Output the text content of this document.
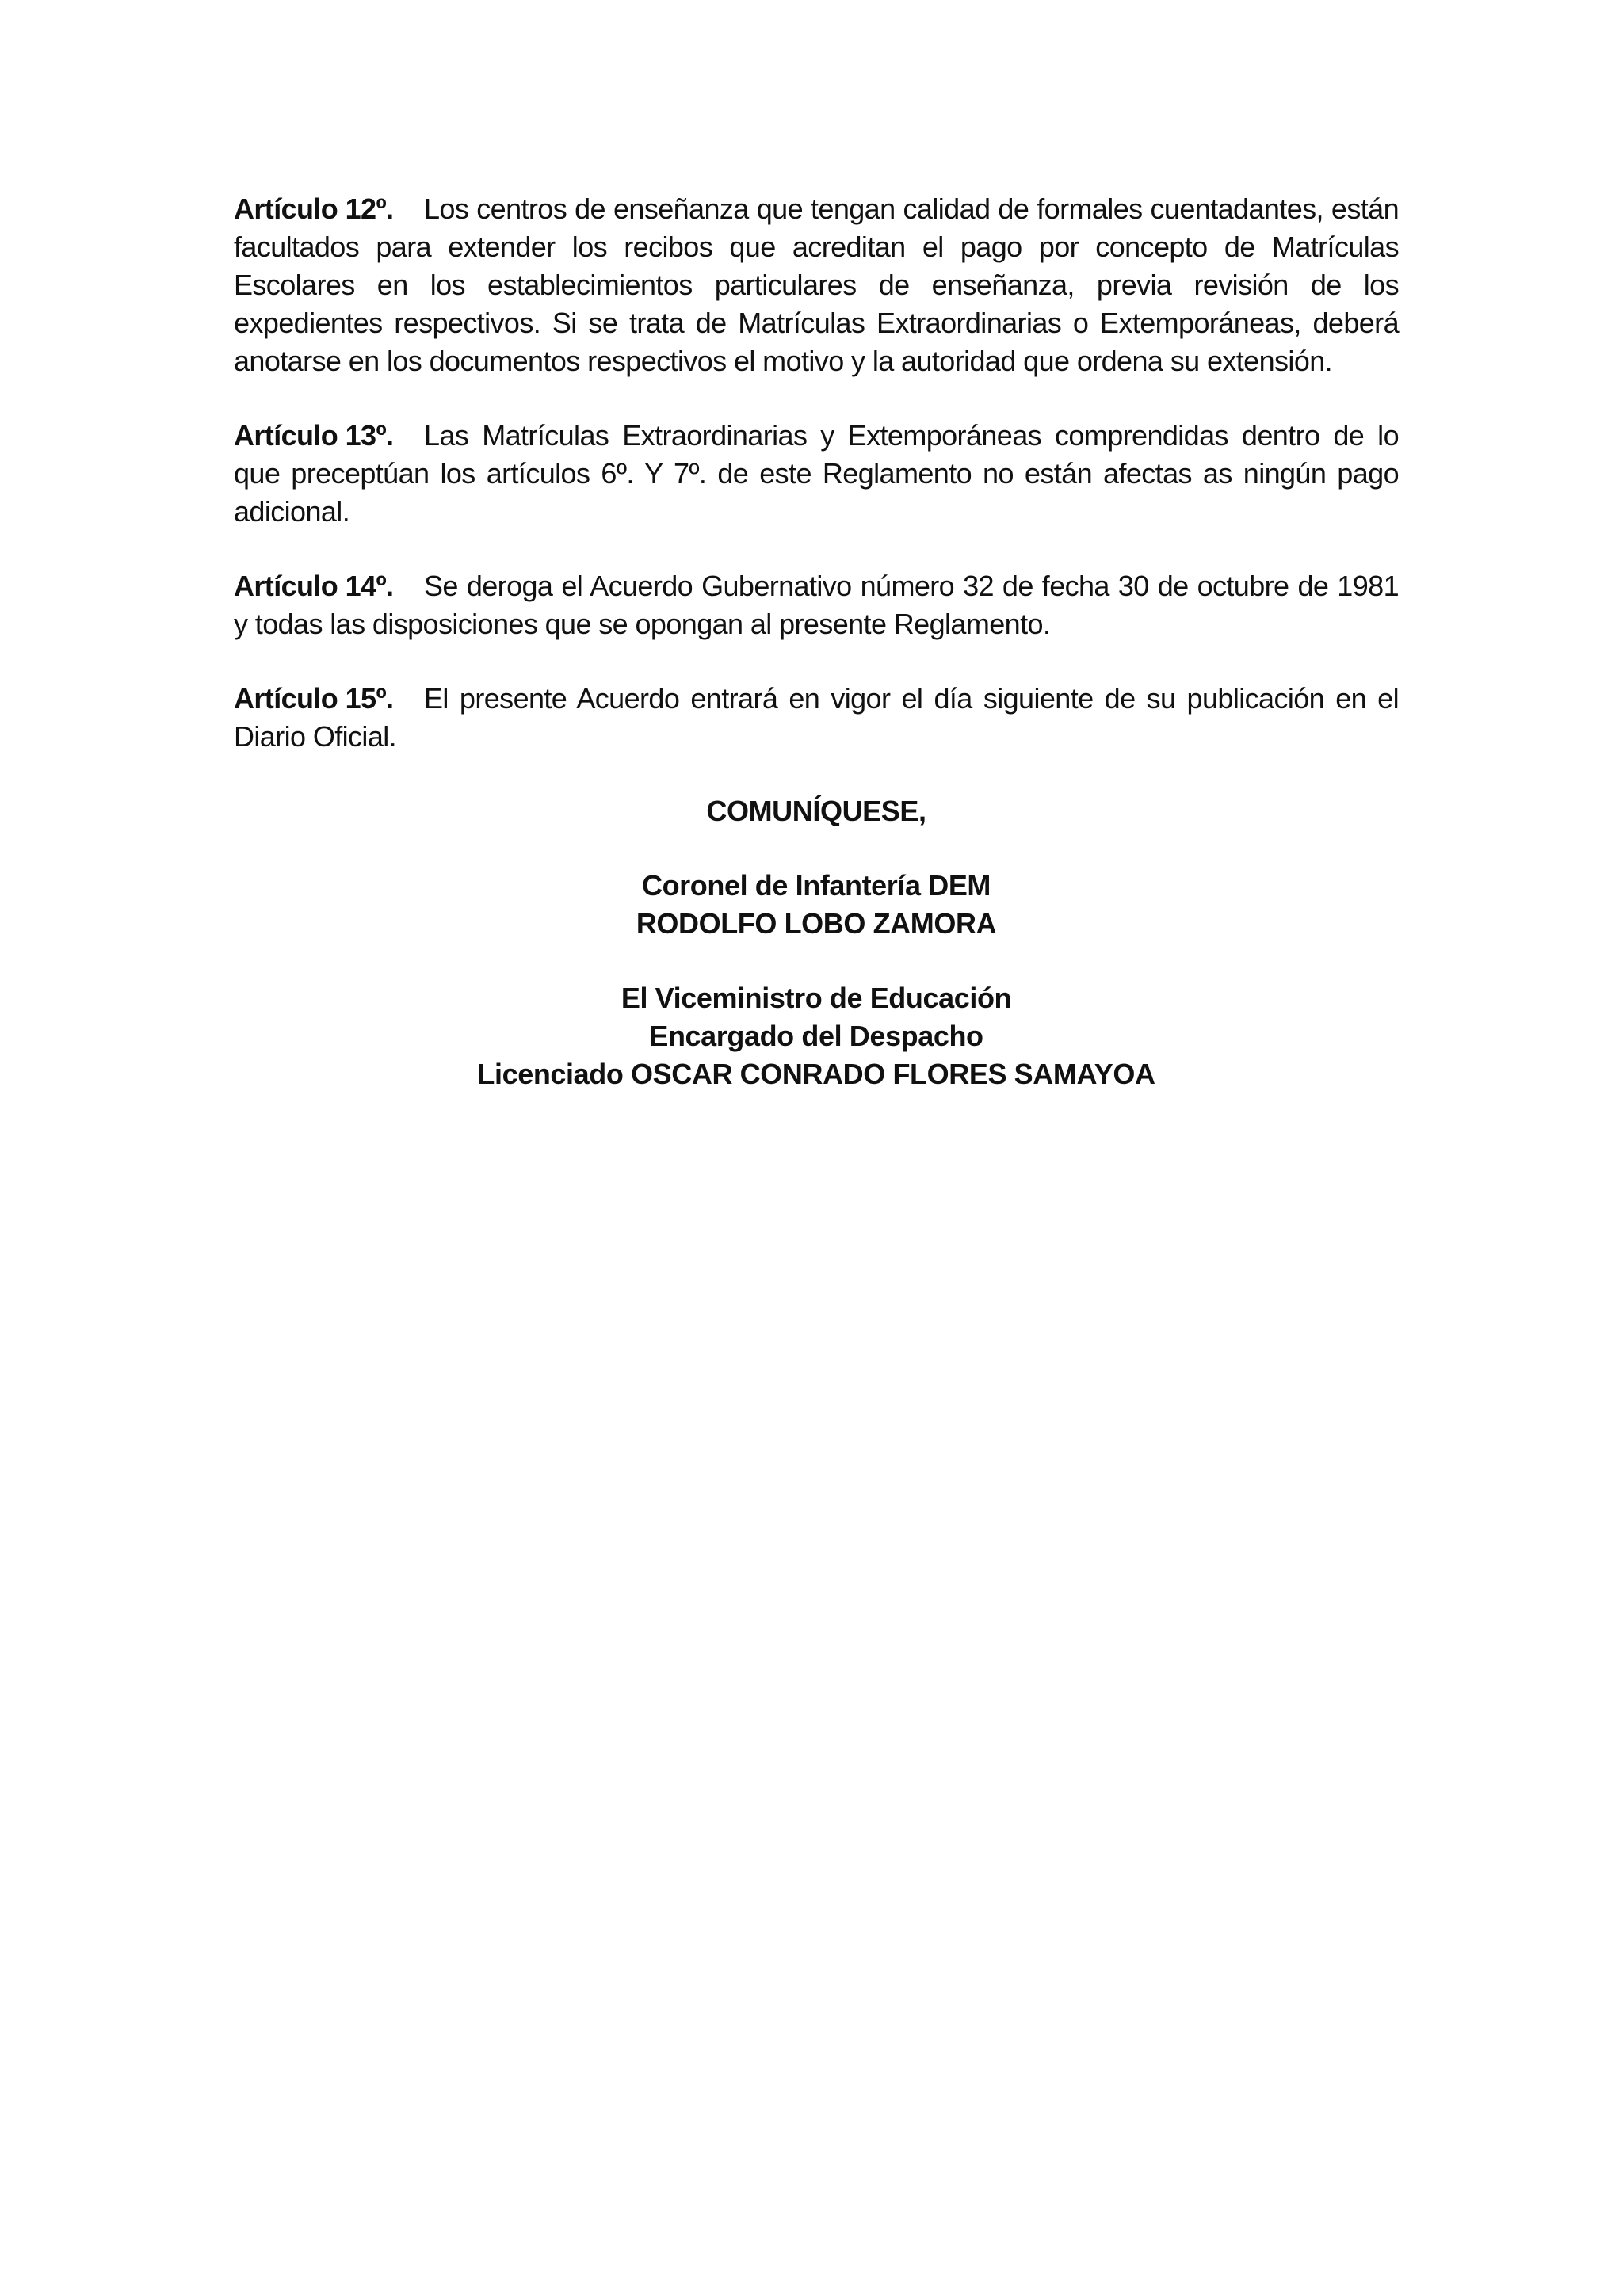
Artículo 12º. Los centros de enseñanza que tengan calidad de formales cuentadantes, están facultados para extender los recibos que acreditan el pago por concepto de Matrículas Escolares en los establecimientos particulares de enseñanza, previa revisión de los expedientes respectivos. Si se trata de Matrículas Extraordinarias o Extemporáneas, deberá anotarse en los documentos respectivos el motivo y la autoridad que ordena su extensión.

Artículo 13º. Las Matrículas Extraordinarias y Extemporáneas comprendidas dentro de lo que preceptúan los artículos 6º. Y 7º. de este Reglamento no están afectas as ningún pago adicional.

Artículo 14º. Se deroga el Acuerdo Gubernativo número 32 de fecha 30 de octubre de 1981 y todas las disposiciones que se opongan al presente Reglamento.

Artículo 15º. El presente Acuerdo entrará en vigor el día siguiente de su publicación en el Diario Oficial.

COMUNÍQUESE,
Coronel de Infantería DEM
RODOLFO LOBO ZAMORA
El Viceministro de Educación
Encargado del Despacho
Licenciado OSCAR CONRADO FLORES SAMAYOA
